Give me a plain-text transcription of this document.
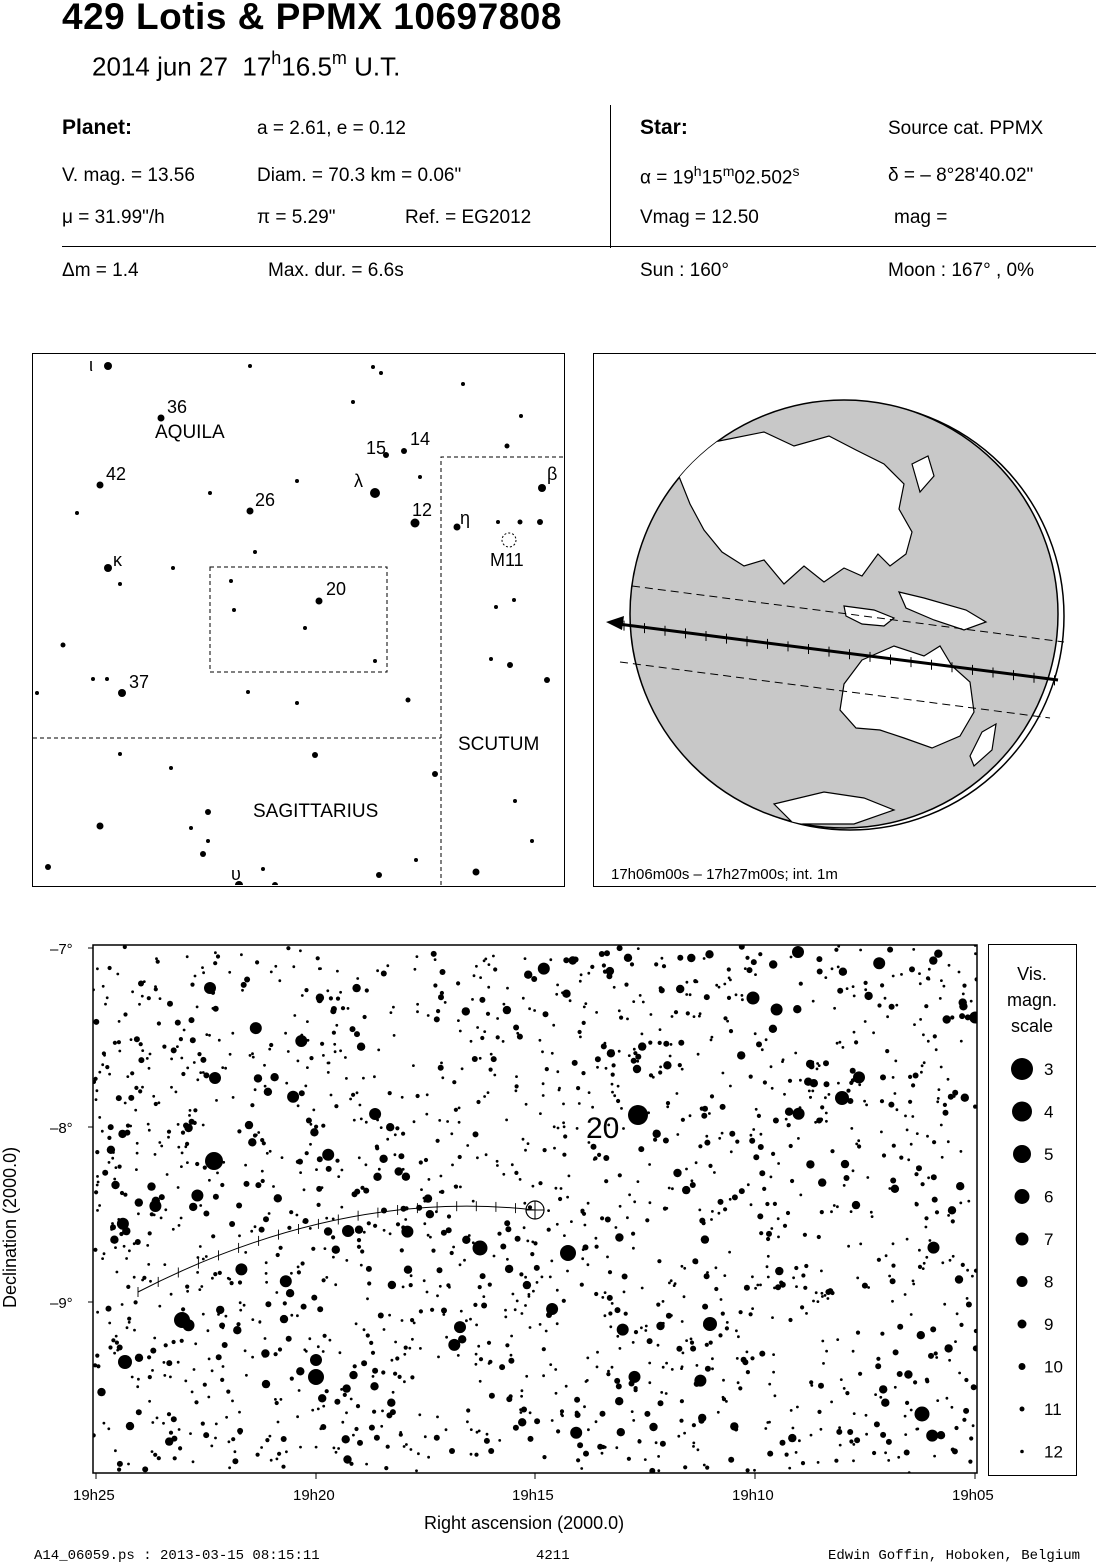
429 Lotis & PPMX 10697808
2014 jun 27 17$^h$16.5$^m$ U.T.
Planet:	a = 2.61, e = 0.12
V. mag. = 13.56	Diam. = 70.3 km = 0.06"
μ = 31.99"/h	π = 5.29"	Ref. = EG2012
Star:	Source cat. PPMX
$\alpha = 19^h15^m02.502^s$	δ = – 8°28'40.02"
Vmag = 12.50	mag =
Δm = 1.4	Max. dur. = 6.6s	Sun : 160°	Moon : 167° , 0%
AQUILA
SCUTUM
SAGITTARIUS
ι
36
42
26
κ
20
37
15 14
λ
12 η
β
M11
υ	17h06m00s – 17h27m00s; int. 1m
20
–7°
–8°
–9°
19h25	19h20	19h15	19h10	19h05
Right ascension (2000.0)
Declination (2000.0)
Vis.
magn.
scale
3
4
5
6
7
8
9
10
11
12
A14_06059.ps : 2013-03-15 08:15:11	4211	Edwin Goffin, Hoboken, Belgium
